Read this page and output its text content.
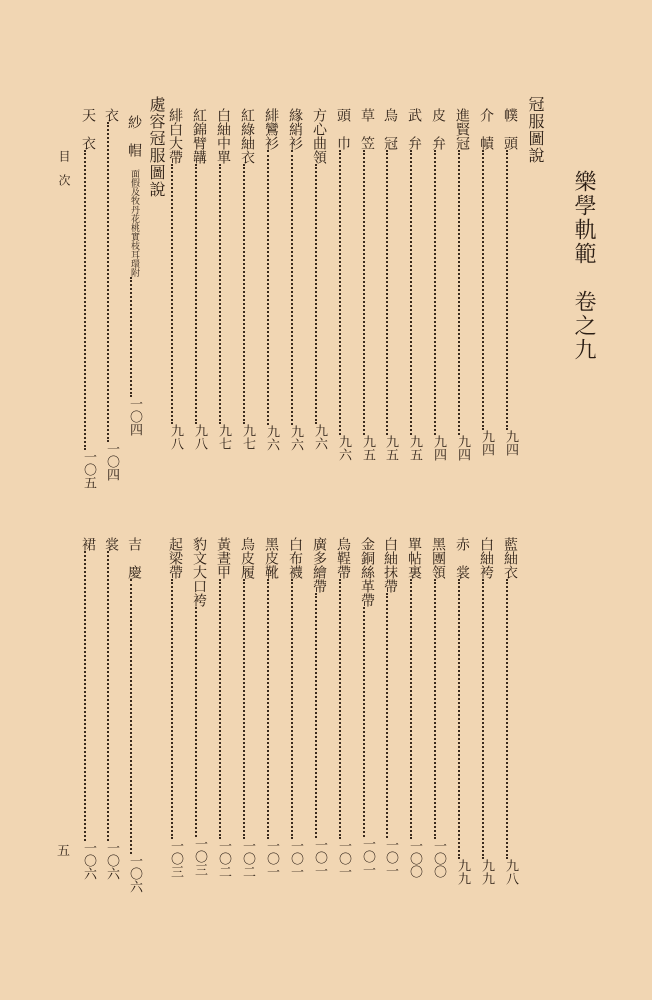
樂學軌範　卷之九
冠服圖說
處容冠服圖說
目　次
五
幞　頭九四
介　幘九四
進賢冠九四
皮　弁九四
武　弁九五
烏　冠九五
草　笠九五
頭　巾九六
方心曲領九六
緣綃衫九六
緋鸞衫九六
紅綠紬衣九七
白紬中單九七
紅錦臂韝九八
緋白大帶九八
紗　帽面假及牧丹花桃實枝耳環附一〇四
衣一〇四
天　衣一〇五
藍紬衣九八
白紬袴九九
赤　裳九九
黑團領一〇〇
單帖裏一〇〇
白紬抹帶一〇一
金銅絲革帶一〇一
烏鞓帶一〇一
廣多繪帶一〇一
白布襪一〇一
黑皮靴一〇一
烏皮履一〇二
黃晝甲一〇二
豹文大口袴一〇三
起梁帶一〇三
吉　慶一〇六
裳一〇六
裙一〇六
